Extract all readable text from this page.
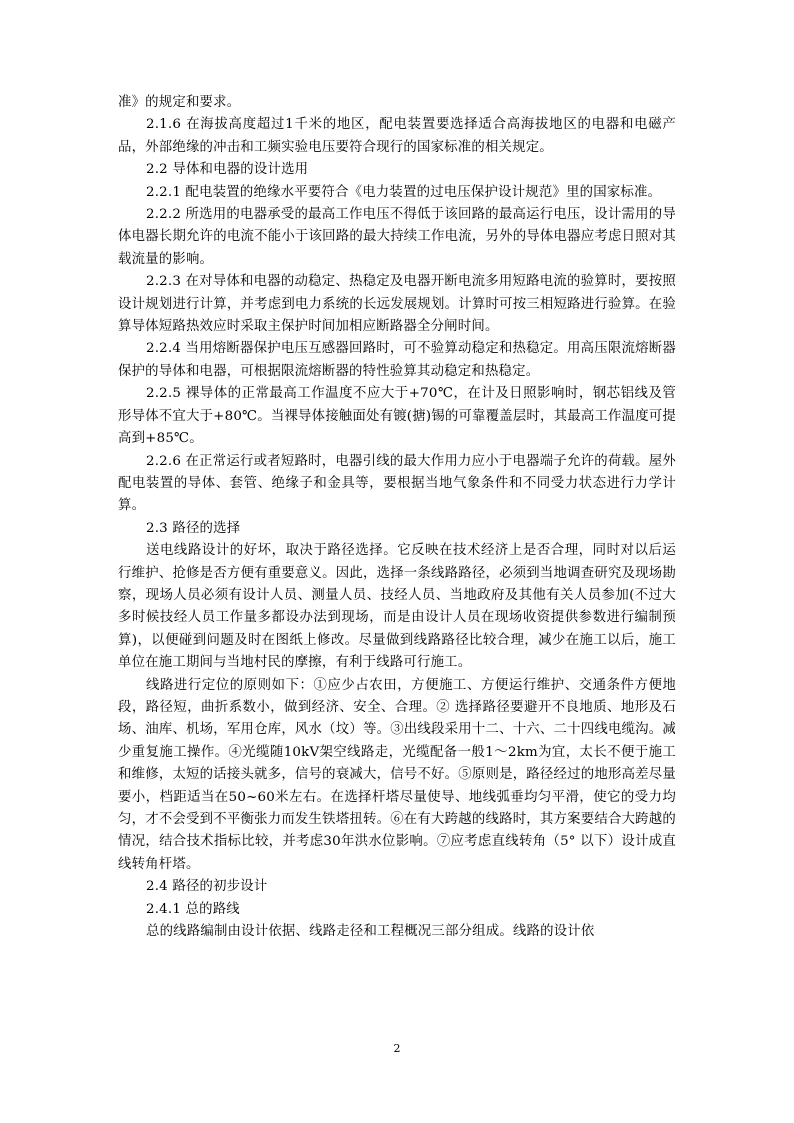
准》的规定和要求。

2.1.6 在海拔高度超过1千米的地区，配电装置要选择适合高海拔地区的电器和电磁产品，外部绝缘的冲击和工频实验电压要符合现行的国家标准的相关规定。

2.2 导体和电器的设计选用

2.2.1 配电装置的绝缘水平要符合《电力装置的过电压保护设计规范》里的国家标准。

2.2.2 所选用的电器承受的最高工作电压不得低于该回路的最高运行电压，设计需用的导体电器长期允许的电流不能小于该回路的最大持续工作电流，另外的导体电器应考虑日照对其载流量的影响。

2.2.3 在对导体和电器的动稳定、热稳定及电器开断电流多用短路电流的验算时，要按照设计规划进行计算，并考虑到电力系统的长远发展规划。计算时可按三相短路进行验算。在验算导体短路热效应时采取主保护时间加相应断路器全分闸时间。

2.2.4 当用熔断器保护电压互感器回路时，可不验算动稳定和热稳定。用高压限流熔断器保护的导体和电器，可根据限流熔断器的特性验算其动稳定和热稳定。

2.2.5 裸导体的正常最高工作温度不应大于+70℃，在计及日照影响时，钢芯铝线及管形导体不宜大于+80℃。当裸导体接触面处有镀(搪)锡的可靠覆盖层时，其最高工作温度可提高到+85℃。

2.2.6 在正常运行或者短路时，电器引线的最大作用力应小于电器端子允许的荷载。屋外配电装置的导体、套管、绝缘子和金具等，要根据当地气象条件和不同受力状态进行力学计算。

2.3 路径的选择

送电线路设计的好坏，取决于路径选择。它反映在技术经济上是否合理，同时对以后运行维护、抢修是否方便有重要意义。因此，选择一条线路路径，必须到当地调查研究及现场勘察，现场人员必须有设计人员、测量人员、技经人员、当地政府及其他有关人员参加(不过大多时候技经人员工作量多都设办法到现场，而是由设计人员在现场收资提供参数进行编制预算)，以便碰到问题及时在图纸上修改。尽量做到线路路径比较合理，减少在施工以后，施工单位在施工期间与当地村民的摩擦，有利于线路可行施工。

线路进行定位的原则如下：①应少占农田，方便施工、方便运行维护、交通条件方便地段，路径短，曲折系数小，做到经济、安全、合理。② 选择路径要避开不良地质、地形及石场、油库、机场，军用仓库，风水（坟）等。③出线段采用十二、十六、二十四线电缆沟。减少重复施工操作。④光缆随10kV架空线路走，光缆配备一般1～2km为宜，太长不便于施工和维修，太短的话接头就多，信号的衰减大，信号不好。⑤原则是，路径经过的地形高差尽量要小，档距适当在50~60米左右。在选择杆塔尽量使导、地线弧垂均匀平滑，使它的受力均匀，才不会受到不平衡张力而发生铁塔扭转。⑥在有大跨越的线路时，其方案要结合大跨越的情况，结合技术指标比较，并考虑30年洪水位影响。⑦应考虑直线转角（5° 以下）设计成直线转角杆塔。

2.4 路径的初步设计

2.4.1 总的路线

总的线路编制由设计依据、线路走径和工程概况三部分组成。线路的设计依

2
